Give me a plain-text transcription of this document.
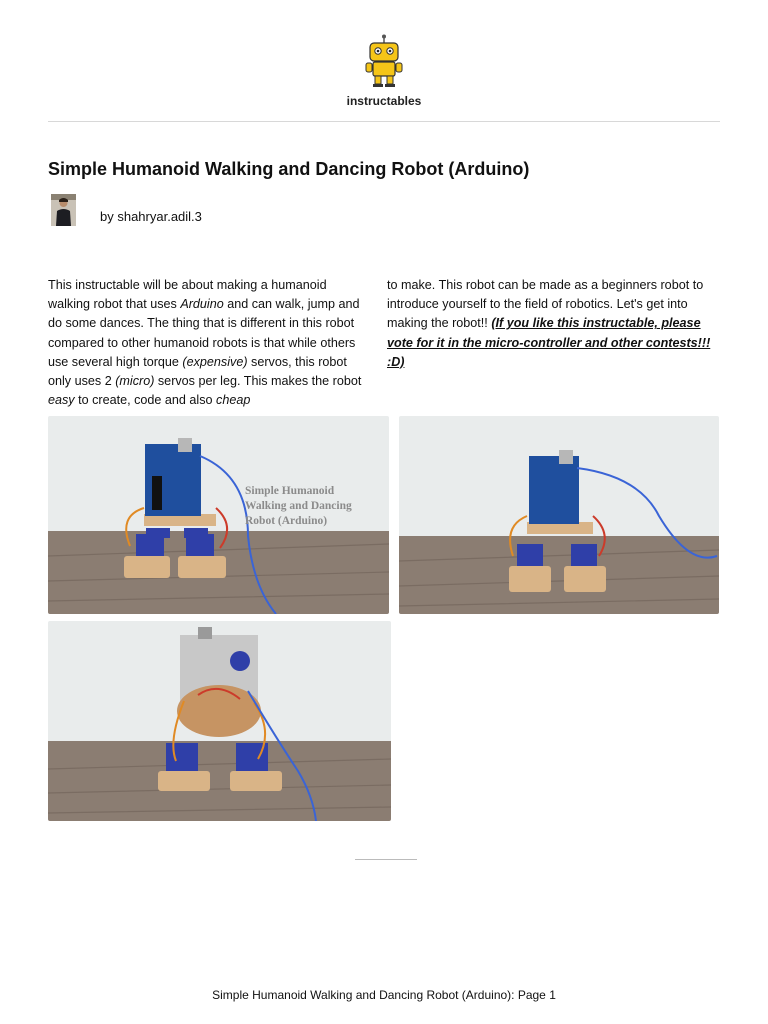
instructables
Simple Humanoid Walking and Dancing Robot (Arduino)
by shahryar.adil.3

This instructable will be about making a humanoid walking robot that uses Arduino and can walk, jump and do some dances. The thing that is different in this robot compared to other humanoid robots is that while others use several high torque (expensive) servos, this robot only uses 2 (micro) servos per leg. This makes the robot easy to create, code and also cheap

to make. This robot can be made as a beginners robot to introduce yourself to the field of robotics. Let's get into making the robot!! (If you like this instructable, please vote for it in the micro-controller and other contests!!! :D)

Simple Humanoid
Walking and Dancing
Robot (Arduino)
Simple Humanoid Walking and Dancing Robot (Arduino): Page 1
